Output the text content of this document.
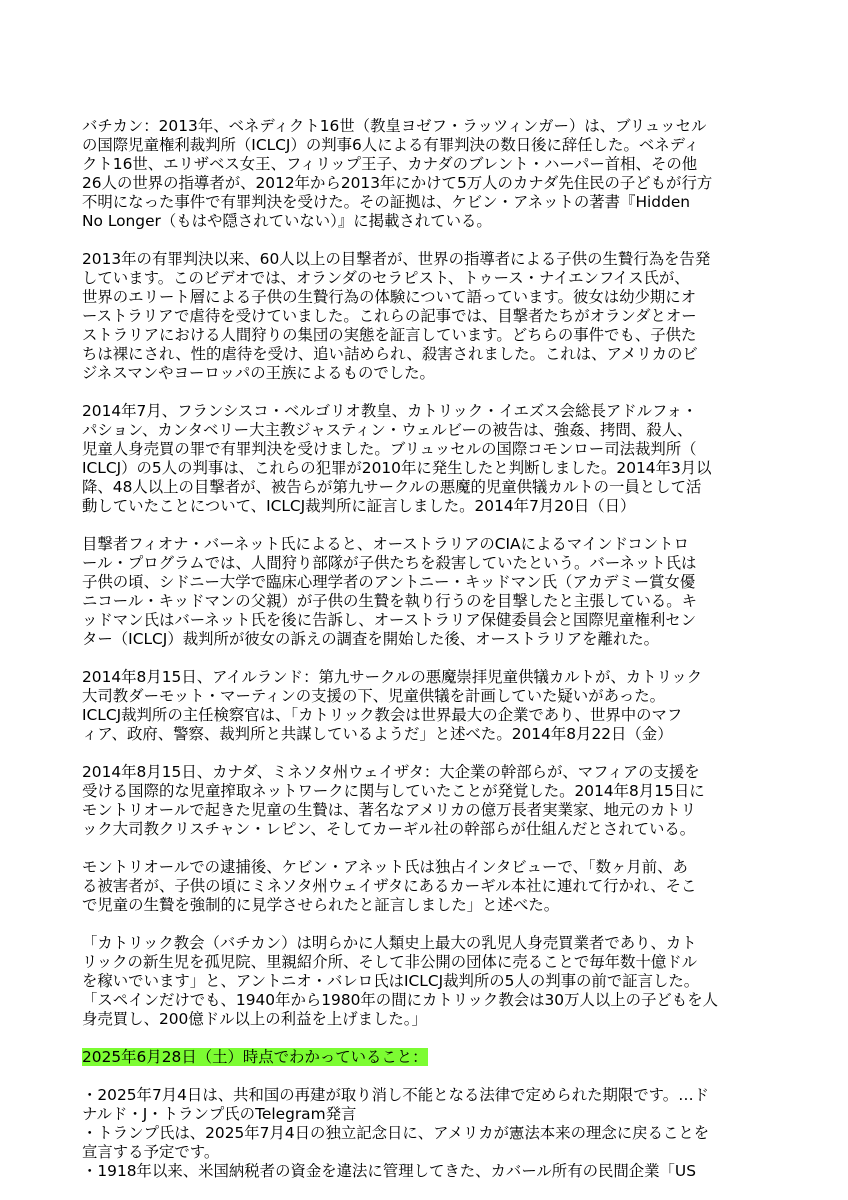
バチカン：2013年、ベネディクト16世（教皇ヨゼフ・ラッツィンガー）は、ブリュッセル
の国際児童権利裁判所（ICLCJ）の判事6人による有罪判決の数日後に辞任した。ベネディ
クト16世、エリザベス女王、フィリップ王子、カナダのブレント・ハーパー首相、その他
26人の世界の指導者が、2012年から2013年にかけて5万人のカナダ先住民の子どもが行方
不明になった事件で有罪判決を受けた。その証拠は、ケビン・アネットの著書『Hidden
No Longer（もはや隠されていない）』に掲載されている。
2013年の有罪判決以来、60人以上の目撃者が、世界の指導者による子供の生贄行為を告発
しています。このビデオでは、オランダのセラピスト、トゥース・ナイエンフイス氏が、
世界のエリート層による子供の生贄行為の体験について語っています。彼女は幼少期にオ
ーストラリアで虐待を受けていました。これらの記事では、目撃者たちがオランダとオー
ストラリアにおける人間狩りの集団の実態を証言しています。どちらの事件でも、子供た
ちは裸にされ、性的虐待を受け、追い詰められ、殺害されました。これは、アメリカのビ
ジネスマンやヨーロッパの王族によるものでした。
2014年7月、フランシスコ・ベルゴリオ教皇、カトリック・イエズス会総長アドルフォ・
パション、カンタベリー大主教ジャスティン・ウェルビーの被告は、強姦、拷問、殺人、
児童人身売買の罪で有罪判決を受けました。ブリュッセルの国際コモンロー司法裁判所（
ICLCJ）の5人の判事は、これらの犯罪が2010年に発生したと判断しました。2014年3月以
降、48人以上の目撃者が、被告らが第九サークルの悪魔的児童供犠カルトの一員として活
動していたことについて、ICLCJ裁判所に証言しました。2014年7月20日（日）
目撃者フィオナ・バーネット氏によると、オーストラリアのCIAによるマインドコントロ
ール・プログラムでは、人間狩り部隊が子供たちを殺害していたという。バーネット氏は
子供の頃、シドニー大学で臨床心理学者のアントニー・キッドマン氏（アカデミー賞女優
ニコール・キッドマンの父親）が子供の生贄を執り行うのを目撃したと主張している。キ
ッドマン氏はバーネット氏を後に告訴し、オーストラリア保健委員会と国際児童権利セン
ター（ICLCJ）裁判所が彼女の訴えの調査を開始した後、オーストラリアを離れた。
2014年8月15日、アイルランド：第九サークルの悪魔崇拝児童供犠カルトが、カトリック
大司教ダーモット・マーティンの支援の下、児童供犠を計画していた疑いがあった。
ICLCJ裁判所の主任検察官は、「カトリック教会は世界最大の企業であり、世界中のマフ
ィア、政府、警察、裁判所と共謀しているようだ」と述べた。2014年8月22日（金）
2014年8月15日、カナダ、ミネソタ州ウェイザタ：大企業の幹部らが、マフィアの支援を
受ける国際的な児童搾取ネットワークに関与していたことが発覚した。2014年8月15日に
モントリオールで起きた児童の生贄は、著名なアメリカの億万長者実業家、地元のカトリ
ック大司教クリスチャン・レピン、そしてカーギル社の幹部らが仕組んだとされている。
モントリオールでの逮捕後、ケビン・アネット氏は独占インタビューで、「数ヶ月前、あ
る被害者が、子供の頃にミネソタ州ウェイザタにあるカーギル本社に連れて行かれ、そこ
で児童の生贄を強制的に見学させられたと証言しました」と述べた。
「カトリック教会（バチカン）は明らかに人類史上最大の乳児人身売買業者であり、カト
リックの新生児を孤児院、里親紹介所、そして非公開の団体に売ることで毎年数十億ドル
を稼いでいます」と、アントニオ・バレロ氏はICLCJ裁判所の5人の判事の前で証言した。
「スペインだけでも、1940年から1980年の間にカトリック教会は30万人以上の子どもを人
身売買し、200億ドル以上の利益を上げました。」
2025年6月28日（土）時点でわかっていること：
・2025年7月4日は、共和国の再建が取り消し不能となる法律で定められた期限です。…ド
ナルド・J・トランプ氏のTelegram発言
・トランプ氏は、2025年7月4日の独立記念日に、アメリカが憲法本来の理念に戻ることを
宣言する予定です。
・1918年以来、米国納税者の資金を違法に管理してきた、カバール所有の民間企業「US
